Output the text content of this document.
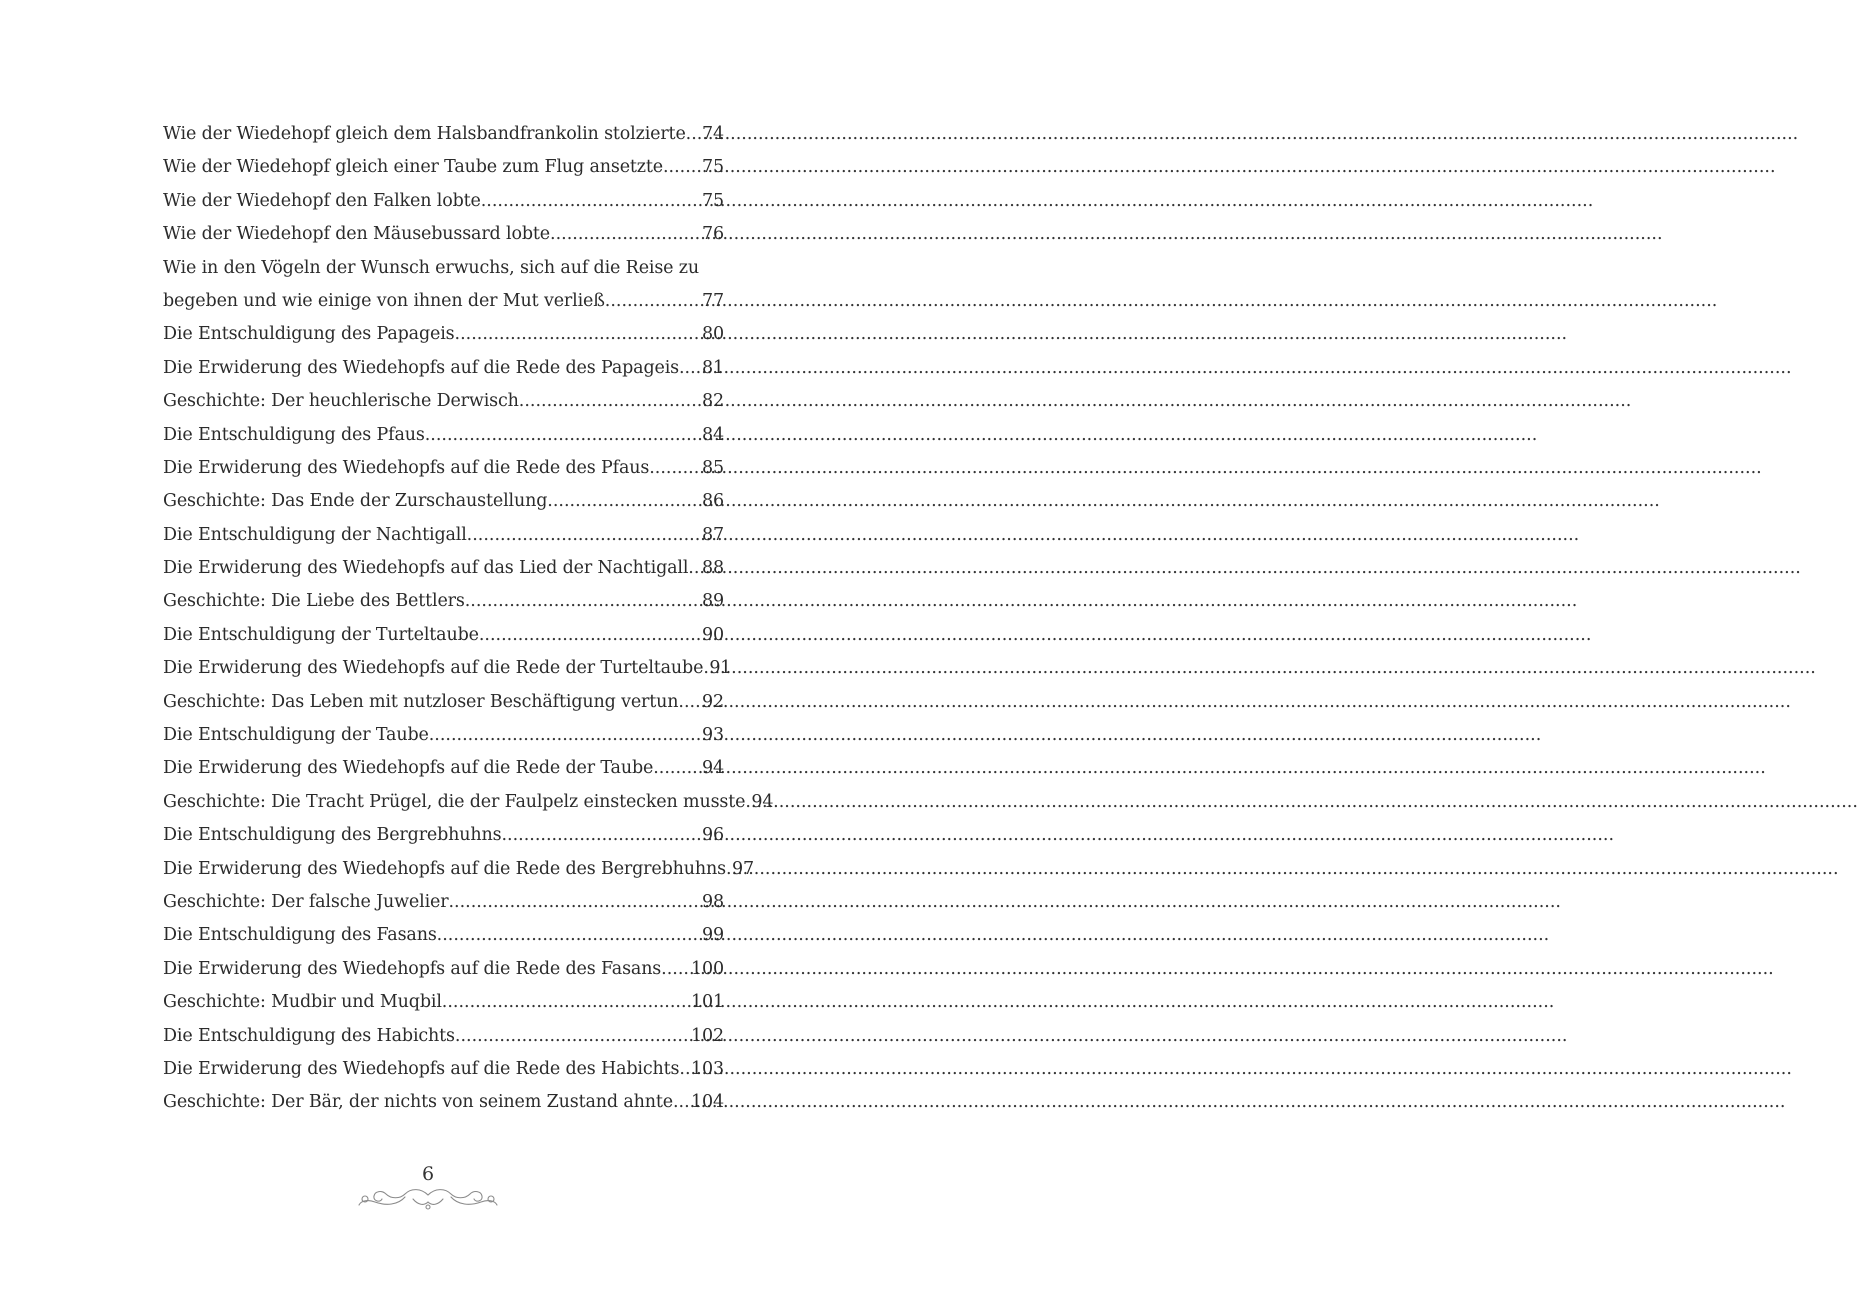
Wie der Wiedehopf gleich dem Halsbandfrankolin stolzierte ..... 74
Wie der Wiedehopf gleich einer Taube zum Flug ansetzte ..... 75
Wie der Wiedehopf den Falken lobte .....	75
Wie der Wiedehopf den Mäusebussard lobte .....	76
Wie in den Vögeln der Wunsch erwuchs, sich auf die Reise zu
begeben und wie einige von ihnen der Mut verließ .....	77
Die Entschuldigung des Papageis .....	80
Die Erwiderung des Wiedehopfs auf die Rede des Papageis ..... 81
Geschichte: Der heuchlerische Derwisch .....	82
Die Entschuldigung des Pfaus .....	84
Die Erwiderung des Wiedehopfs auf die Rede des Pfaus .....	85
Geschichte: Das Ende der Zurschaustellung .....	86
Die Entschuldigung der Nachtigall .....	87
Die Erwiderung des Wiedehopfs auf das Lied der Nachtigall ..... 88
Geschichte: Die Liebe des Bettlers .....	89
Die Entschuldigung der Turteltaube .....	90
Die Erwiderung des Wiedehopfs auf die Rede der Turteltaube ..... 91
Geschichte: Das Leben mit nutzloser Beschäftigung vertun ..... 92
Die Entschuldigung der Taube .....	93
Die Erwiderung des Wiedehopfs auf die Rede der Taube .....	94
Geschichte: Die Tracht Prügel, die der Faulpelz einstecken musste ..... 94
Die Entschuldigung des Bergrebhuhns .....	96
Die Erwiderung des Wiedehopfs auf die Rede des Bergrebhuhns ..... 97
Geschichte: Der falsche Juwelier .....	98
Die Entschuldigung des Fasans .....	99
Die Erwiderung des Wiedehopfs auf die Rede des Fasans ..... 100
Geschichte: Mudbir und Muqbil .....	101
Die Entschuldigung des Habichts .....	102
Die Erwiderung des Wiedehopfs auf die Rede des Habichts ..... 103
Geschichte: Der Bär, der nichts von seinem Zustand ahnte ..... 104
6
